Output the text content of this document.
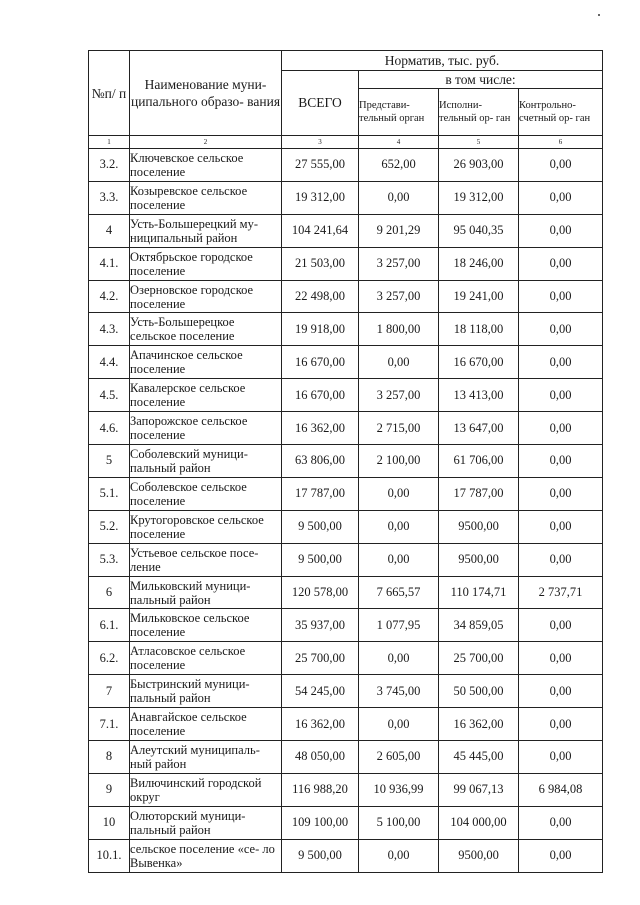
№п/ п	Наименование муни- ципального образо- вания	Норматив, тыс. руб.			
		ВСЕГО	в том числе:		
			Представи- тельный орган	Исполни- тельный ор- ган	Контрольно- счетный ор- ган
1	2	3	4	5	6
3.2.	Ключевское сельское поселение	27 555,00	652,00	26 903,00	0,00
3.3.	Козыревское сельское поселение	19 312,00	0,00	19 312,00	0,00
4	Усть-Большерецкий му- ниципальный район	104 241,64	9 201,29	95 040,35	0,00
4.1.	Октябрьское городское поселение	21 503,00	3 257,00	18 246,00	0,00
4.2.	Озерновское городское поселение	22 498,00	3 257,00	19 241,00	0,00
4.3.	Усть-Большерецкое сельское поселение	19 918,00	1 800,00	18 118,00	0,00
4.4.	Апачинское сельское поселение	16 670,00	0,00	16 670,00	0,00
4.5.	Кавалерское сельское поселение	16 670,00	3 257,00	13 413,00	0,00
4.6.	Запорожское сельское поселение	16 362,00	2 715,00	13 647,00	0,00
5	Соболевский муници- пальный район	63 806,00	2 100,00	61 706,00	0,00
5.1.	Соболевское сельское поселение	17 787,00	0,00	17 787,00	0,00
5.2.	Крутогоровское сельское поселение	9 500,00	0,00	9500,00	0,00
5.3.	Устьевое сельское посе- ление	9 500,00	0,00	9500,00	0,00
6	Мильковский муници- пальный район	120 578,00	7 665,57	110 174,71	2 737,71
6.1.	Мильковское сельское поселение	35 937,00	1 077,95	34 859,05	0,00
6.2.	Атласовское сельское поселение	25 700,00	0,00	25 700,00	0,00
7	Быстринский муници- пальный район	54 245,00	3 745,00	50 500,00	0,00
7.1.	Анавгайское сельское поселение	16 362,00	0,00	16 362,00	0,00
8	Алеутский муниципаль- ный район	48 050,00	2 605,00	45 445,00	0,00
9	Вилючинский городской округ	116 988,20	10 936,99	99 067,13	6 984,08
10	Олюторский муници- пальный район	109 100,00	5 100,00	104 000,00	0,00
10.1.	сельское поселение «се- ло Вывенка»	9 500,00	0,00	9500,00	0,00
